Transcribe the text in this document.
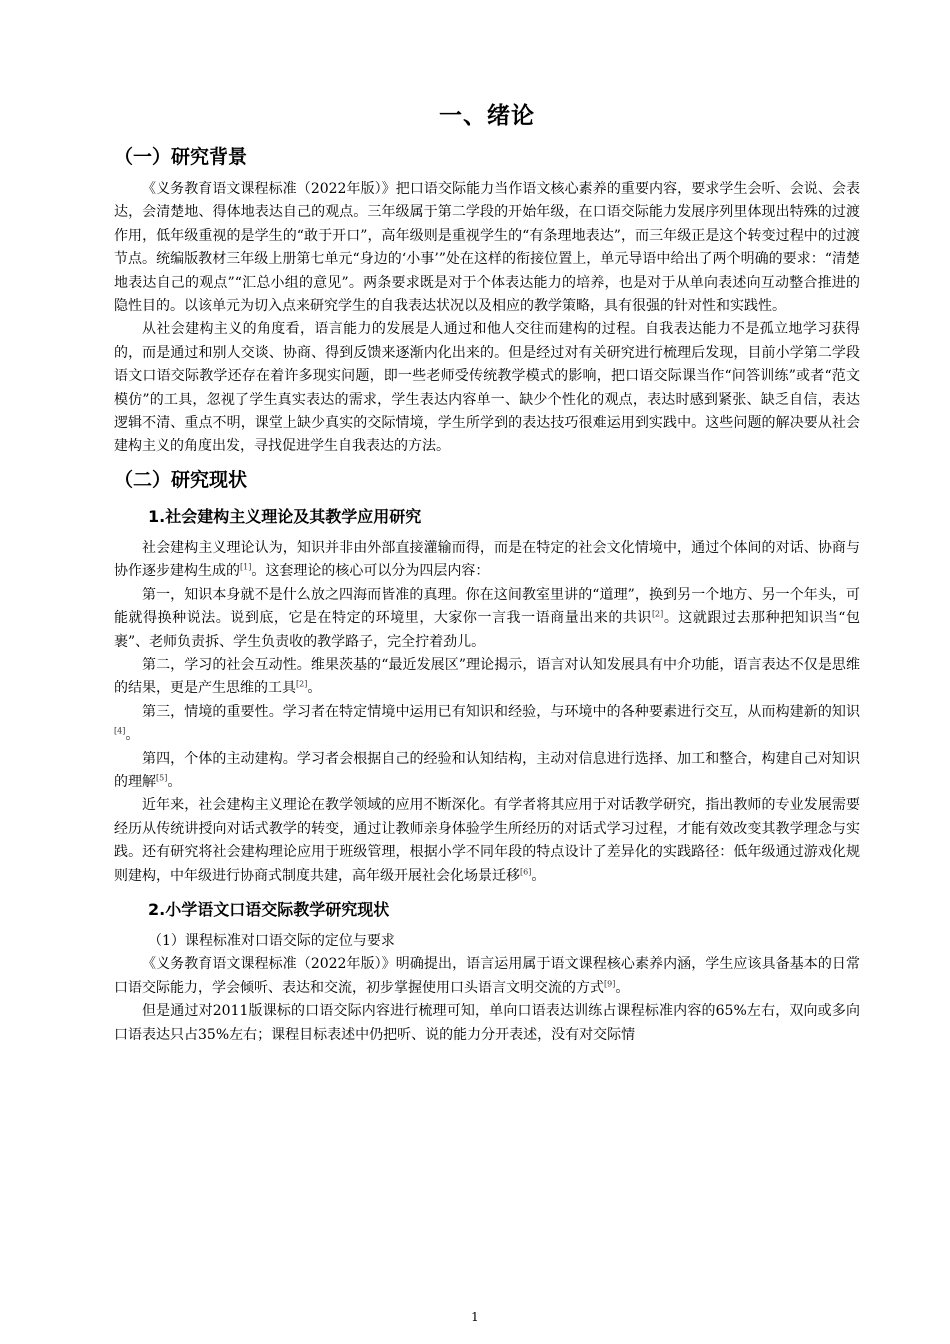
一、绪论
（一）研究背景

《义务教育语文课程标准（2022年版）》把口语交际能力当作语文核心素养的重要内容，要求学生会听、会说、会表达，会清楚地、得体地表达自己的观点。三年级属于第二学段的开始年级，在口语交际能力发展序列里体现出特殊的过渡作用，低年级重视的是学生的“敢于开口”，高年级则是重视学生的“有条理地表达”，而三年级正是这个转变过程中的过渡节点。统编版教材三年级上册第七单元“身边的‘小事’”处在这样的衔接位置上，单元导语中给出了两个明确的要求：“清楚地表达自己的观点”“汇总小组的意见”。两条要求既是对于个体表达能力的培养，也是对于从单向表述向互动整合推进的隐性目的。以该单元为切入点来研究学生的自我表达状况以及相应的教学策略，具有很强的针对性和实践性。

从社会建构主义的角度看，语言能力的发展是人通过和他人交往而建构的过程。自我表达能力不是孤立地学习获得的，而是通过和别人交谈、协商、得到反馈来逐渐内化出来的。但是经过对有关研究进行梳理后发现，目前小学第二学段语文口语交际教学还存在着许多现实问题，即一些老师受传统教学模式的影响，把口语交际课当作“问答训练”或者“范文模仿”的工具，忽视了学生真实表达的需求，学生表达内容单一、缺少个性化的观点，表达时感到紧张、缺乏自信，表达逻辑不清、重点不明，课堂上缺少真实的交际情境，学生所学到的表达技巧很难运用到实践中。这些问题的解决要从社会建构主义的角度出发，寻找促进学生自我表达的方法。

（二）研究现状
1.社会建构主义理论及其教学应用研究

社会建构主义理论认为，知识并非由外部直接灌输而得，而是在特定的社会文化情境中，通过个体间的对话、协商与协作逐步建构生成的[1]。这套理论的核心可以分为四层内容：

第一，知识本身就不是什么放之四海而皆准的真理。你在这间教室里讲的“道理”，换到另一个地方、另一个年头，可能就得换种说法。说到底，它是在特定的环境里，大家你一言我一语商量出来的共识[2]。这就跟过去那种把知识当“包裹”、老师负责拆、学生负责收的教学路子，完全拧着劲儿。

第二，学习的社会互动性。维果茨基的“最近发展区”理论揭示，语言对认知发展具有中介功能，语言表达不仅是思维的结果，更是产生思维的工具[2]。

第三，情境的重要性。学习者在特定情境中运用已有知识和经验，与环境中的各种要素进行交互，从而构建新的知识[4]。

第四，个体的主动建构。学习者会根据自己的经验和认知结构，主动对信息进行选择、加工和整合，构建自己对知识的理解[5]。

近年来，社会建构主义理论在教学领域的应用不断深化。有学者将其应用于对话教学研究，指出教师的专业发展需要经历从传统讲授向对话式教学的转变，通过让教师亲身体验学生所经历的对话式学习过程，才能有效改变其教学理念与实践。还有研究将社会建构理论应用于班级管理，根据小学不同年段的特点设计了差异化的实践路径：低年级通过游戏化规则建构，中年级进行协商式制度共建，高年级开展社会化场景迁移[6]。

2.小学语文口语交际教学研究现状
（1）课程标准对口语交际的定位与要求

《义务教育语文课程标准（2022年版）》明确提出，语言运用属于语文课程核心素养内涵，学生应该具备基本的日常口语交际能力，学会倾听、表达和交流，初步掌握使用口头语言文明交流的方式[9]。

但是通过对2011版课标的口语交际内容进行梳理可知，单向口语表达训练占课程标准内容的65%左右，双向或多向口语表达只占35%左右；课程目标表述中仍把听、说的能力分开表述，没有对交际情

1
